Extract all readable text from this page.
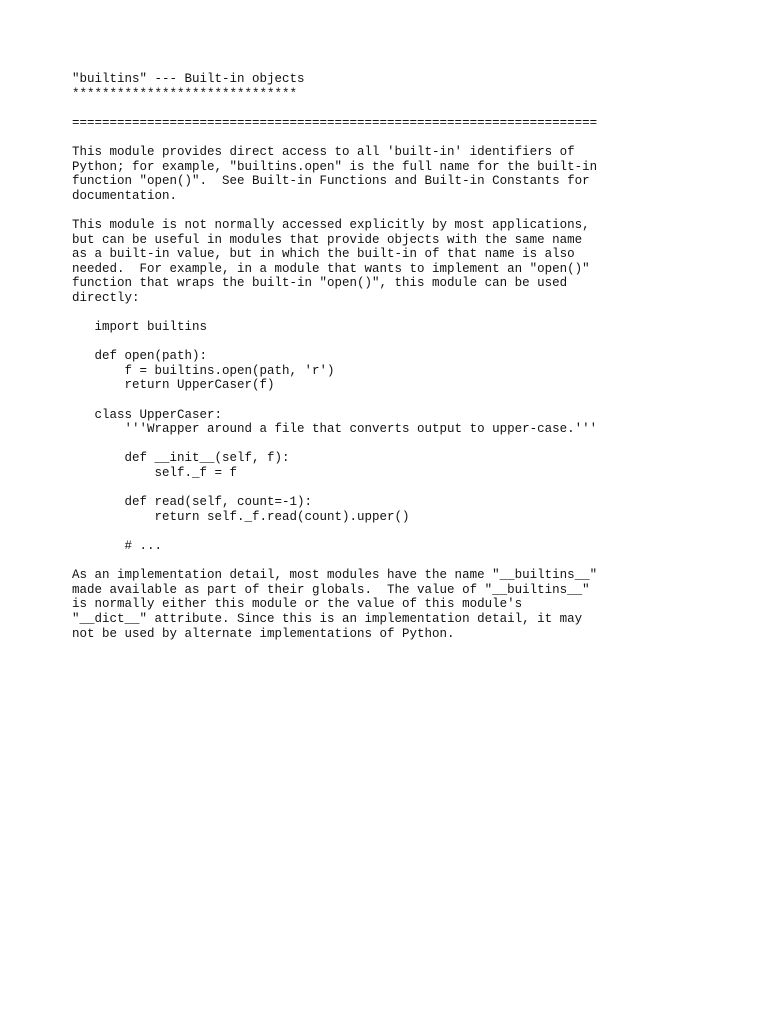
"builtins" --- Built-in objects
******************************

======================================================================

This module provides direct access to all 'built-in' identifiers of
Python; for example, "builtins.open" is the full name for the built-in
function "open()".  See Built-in Functions and Built-in Constants for
documentation.

This module is not normally accessed explicitly by most applications,
but can be useful in modules that provide objects with the same name
as a built-in value, but in which the built-in of that name is also
needed.  For example, in a module that wants to implement an "open()"
function that wraps the built-in "open()", this module can be used
directly:

import builtins

def open(path):
f = builtins.open(path, 'r')
return UpperCaser(f)

class UpperCaser:
'''Wrapper around a file that converts output to upper-case.'''

def __init__(self, f):
self._f = f

def read(self, count=-1):
return self._f.read(count).upper()

# ...

As an implementation detail, most modules have the name "__builtins__"
made available as part of their globals.  The value of "__builtins__"
is normally either this module or the value of this module's
"__dict__" attribute. Since this is an implementation detail, it may
not be used by alternate implementations of Python.
